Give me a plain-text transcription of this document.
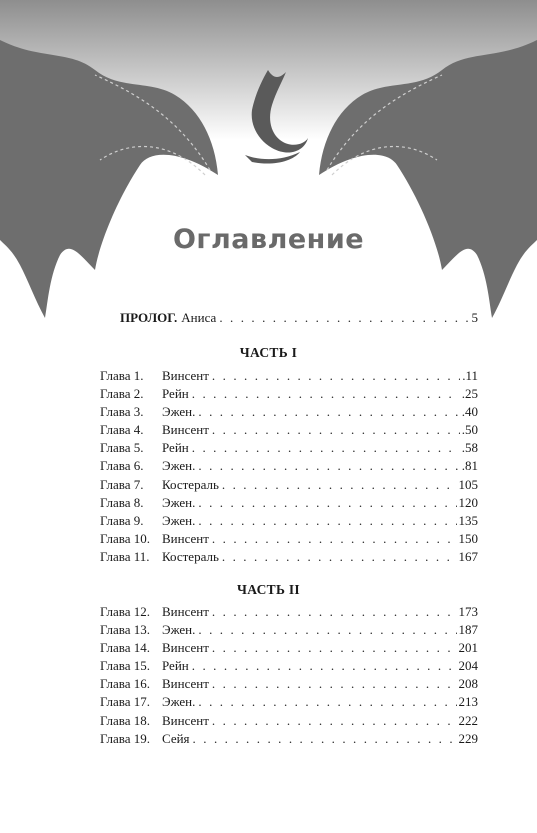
Оглавление
ПРОЛОГ. Аниса . . .	5
ЧАСТЬ I
Глава 1.	Винсент . . .	.11
Глава 2.	Рейн . . .	.25
Глава 3.	Эжен. . . .	.40
Глава 4.	Винсент . . .	.50
Глава 5.	Рейн . . .	.58
Глава 6.	Эжен. . . .	.81
Глава 7.	Костераль . . .	105
Глава 8.	Эжен. . . .	120
Глава 9.	Эжен. . . .	135
Глава 10. Винсент . . .	150
Глава 11. Костераль . . .	167
ЧАСТЬ II
Глава 12. Винсент . . .	173
Глава 13. Эжен. . . .	187
Глава 14. Винсент . . .	201
Глава 15. Рейн . . .	204
Глава 16. Винсент . . .	208
Глава 17. Эжен. . . .	213
Глава 18. Винсент . . .	222
Глава 19. Сейя . . .	229
